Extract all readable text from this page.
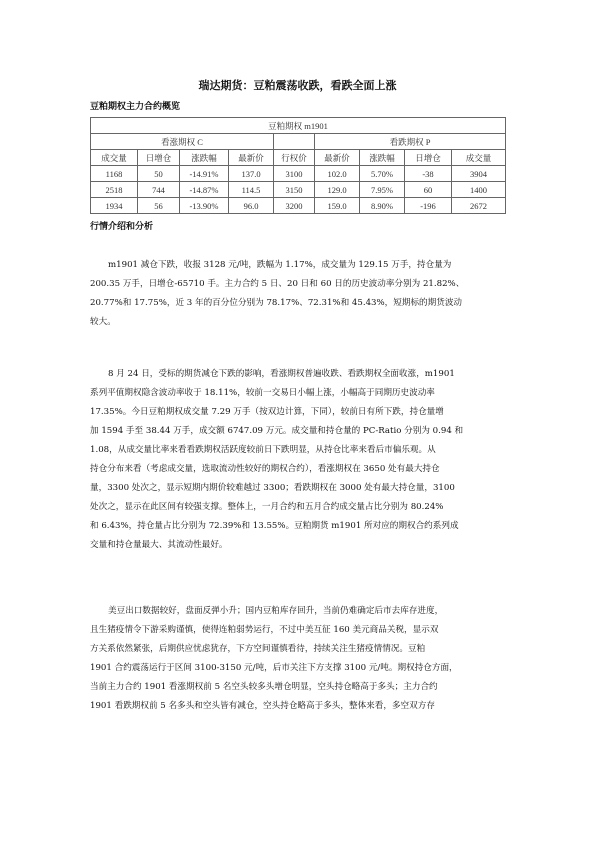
瑞达期货：豆粕震荡收跌，看跌全面上涨
豆粕期权主力合约概览
豆粕期权 m1901								
看涨期权 C					看跌期权 P			
成交量	日增仓	涨跌幅	最新价	行权价	最新价	涨跌幅	日增仓	成交量
1168	50	-14.91%	137.0	3100	102.0	5.70%	-38	3904
2518	744	-14.87%	114.5	3150	129.0	7.95%	60	1400
1934	56	-13.90%	96.0	3200	159.0	8.90%	-196	2672
行情介绍和分析

m1901 减仓下跌，收报 3128 元/吨，跌幅为 1.17%，成交量为 129.15 万手，持仓量为

200.35 万手，日增仓-65710 手。主力合约 5 日、20 日和 60 日的历史波动率分别为 21.82%、

20.77%和 17.75%，近 3 年的百分位分别为 78.17%、72.31%和 45.43%，短期标的期货波动

较大。

8 月 24 日，受标的期货减仓下跌的影响，看涨期权普遍收跌、看跌期权全面收涨，m1901

系列平值期权隐含波动率收于 18.11%，较前一交易日小幅上涨，小幅高于同期历史波动率

17.35%。今日豆粕期权成交量 7.29 万手（按双边计算，下同），较前日有所下跌，持仓量增

加 1594 手至 38.44 万手，成交额 6747.09 万元。成交量和持仓量的 PC-Ratio 分别为 0.94 和

1.08，从成交量比率来看看跌期权活跃度较前日下跌明显，从持仓比率来看后市偏乐观。从

持仓分布来看（考虑成交量，选取流动性较好的期权合约），看涨期权在 3650 处有最大持仓

量，3300 处次之，显示短期内期价较难越过 3300；看跌期权在 3000 处有最大持仓量，3100

处次之，显示在此区间有较强支撑。整体上，一月合约和五月合约成交量占比分别为 80.24%

和 6.43%，持仓量占比分别为 72.39%和 13.55%。豆粕期货 m1901 所对应的期权合约系列成

交量和持仓量最大、其流动性最好。

美豆出口数据较好，盘面反弹小升；国内豆粕库存回升，当前仍难确定后市去库存进度，

且生猪疫情令下游采购谨慎，使得连粕弱势运行，不过中美互征 160 美元商品关税，显示双

方关系依然紧张，后期供应忧虑犹存，下方空间谨慎看待，持续关注生猪疫情情况。豆粕

1901 合约震荡运行于区间 3100-3150 元/吨，后市关注下方支撑 3100 元/吨。期权持仓方面，

当前主力合约 1901 看涨期权前 5 名空头较多头增仓明显，空头持仓略高于多头；主力合约

1901 看跌期权前 5 名多头和空头皆有减仓，空头持仓略高于多头，整体来看，多空双方存
